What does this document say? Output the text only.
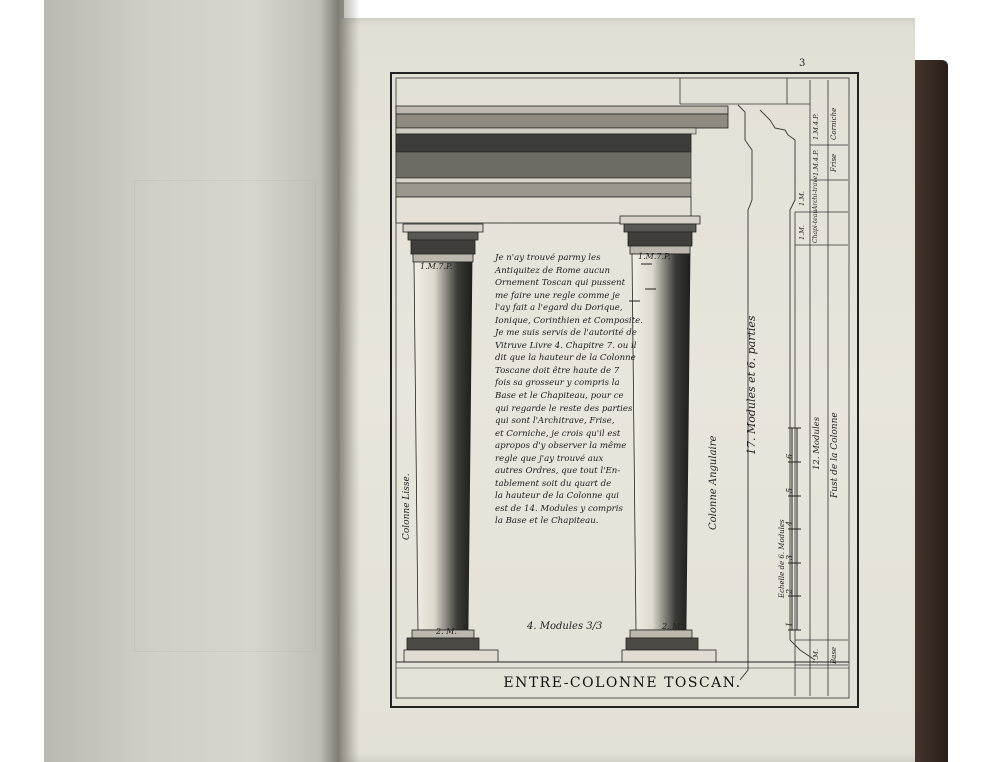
3
1.M.7.P.
1.M.7.P.
2. M.
2. M.
Colonne Lisse.	Colonne Angulaire
17. Modules et 6. parties
Echelle de 6. Modules
12. Modules Fust de la Colonne
1
2
3
4
5
6
1.M.4.P. Corniche
1.M.4.P. Frise
1.M. Archi-trave
1.M. Chapi-teau
1.M. Base
Je n'ay trouvé parmy les
Antiquitez de Rome aucun
Ornement Toscan qui pussent
me faire une regle comme je
l'ay fait a l'egard du Dorique,
Ionique, Corinthien et Composite.
Je me suis servis de l'autorité de
Vitruve Livre 4. Chapitre 7. ou il
dit que la hauteur de la Colonne
Toscane doit être haute de 7
fois sa grosseur y compris la
Base et le Chapiteau, pour ce
qui regarde le reste des parties
qui sont l'Architrave, Frise,
et Corniche, je crois qu'il est
apropos d'y observer la même
regle que j'ay trouvé aux
autres Ordres, que tout l'En-
tablement soit du quart de
la hauteur de la Colonne qui
est de 14. Modules y compris
la Base et le Chapiteau.
4. Modules 3/3
ENTRE-COLONNE TOSCAN.
